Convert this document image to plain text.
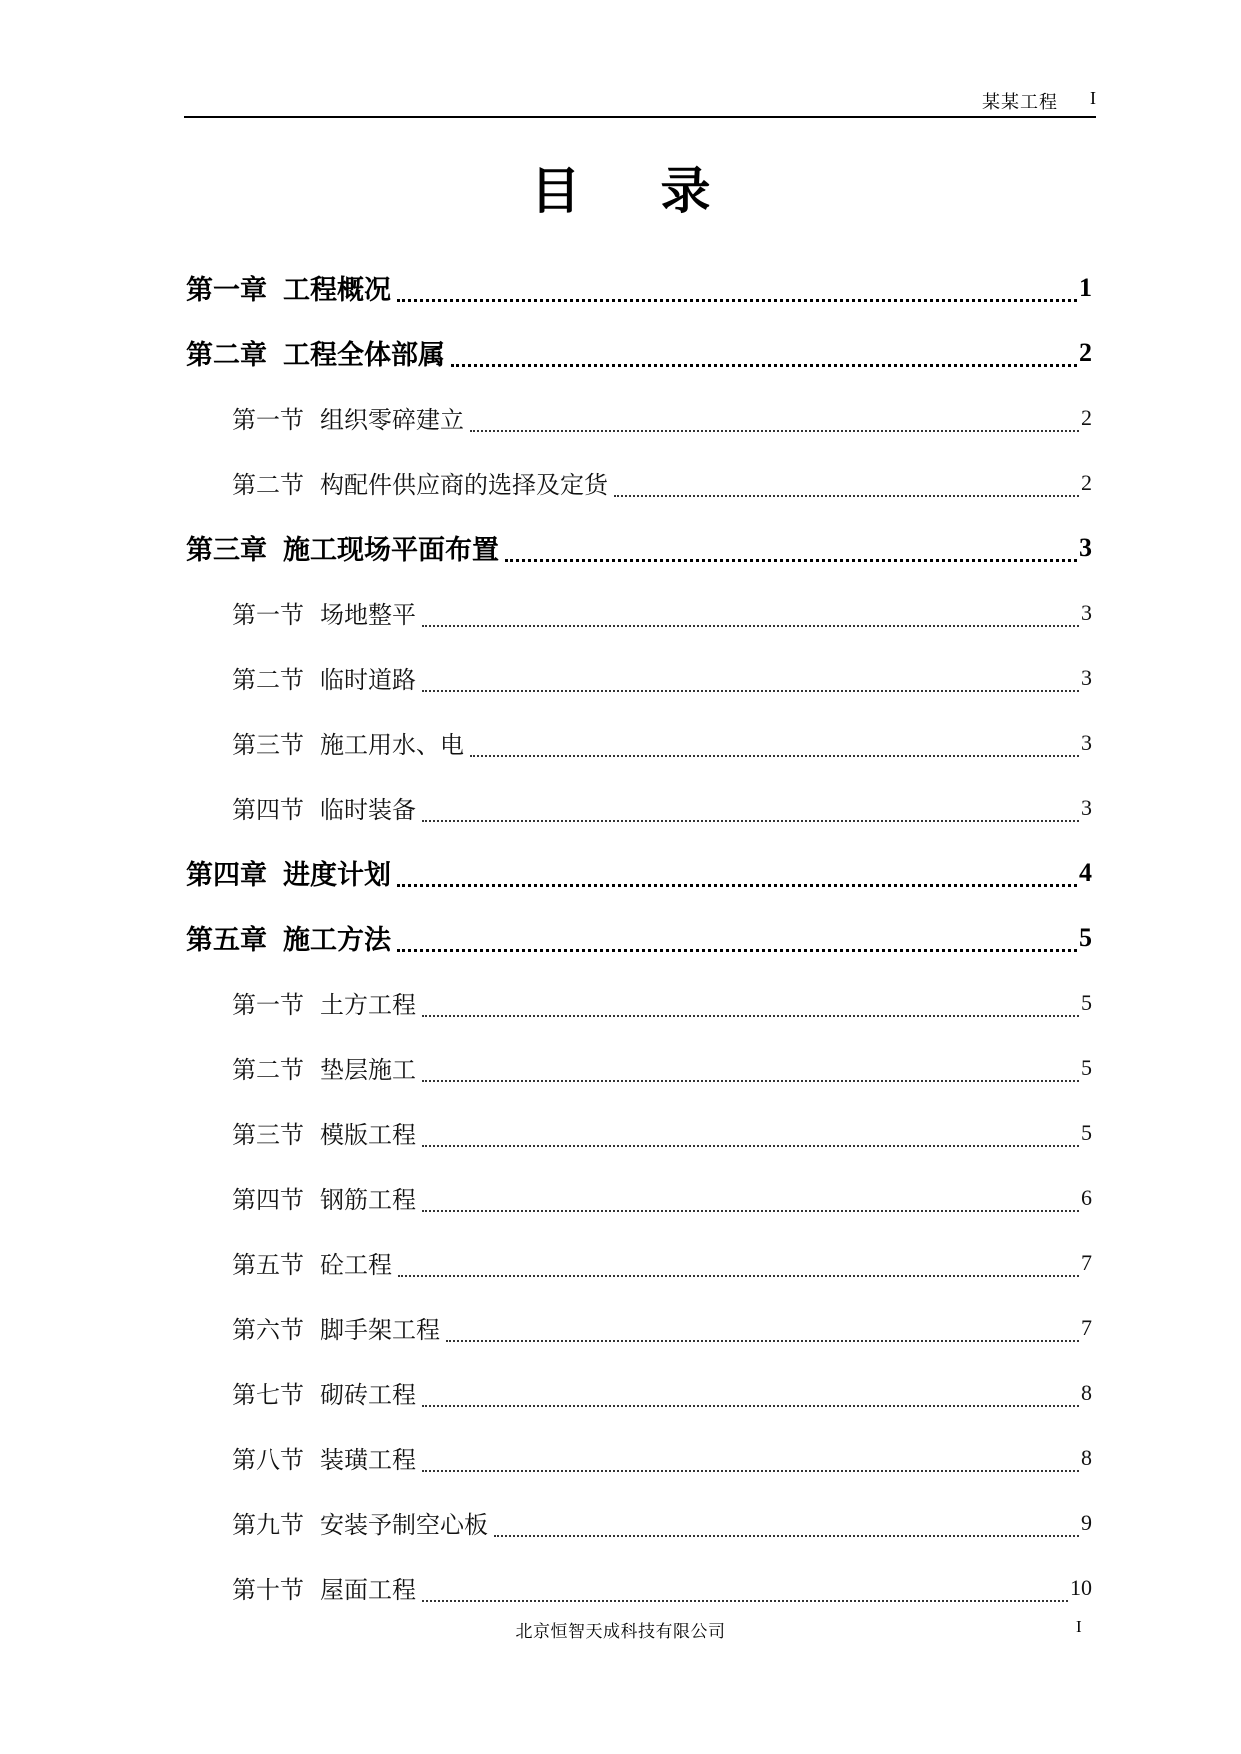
某某工程 I
目 录
第一章 工程概况	1
第二章 工程全体部属	2
第一节 组织零碎建立	2
第二节 构配件供应商的选择及定货	2
第三章 施工现场平面布置	3
第一节 场地整平	3
第二节 临时道路	3
第三节 施工用水、电	3
第四节 临时装备	3
第四章 进度计划	4
第五章 施工方法	5
第一节 土方工程	5
第二节 垫层施工	5
第三节 模版工程	5
第四节 钢筋工程	6
第五节 砼工程	7
第六节 脚手架工程	7
第七节 砌砖工程	8
第八节 装璜工程	8
第九节 安装予制空心板	9
第十节 屋面工程	10
北京恒智天成科技有限公司	I
